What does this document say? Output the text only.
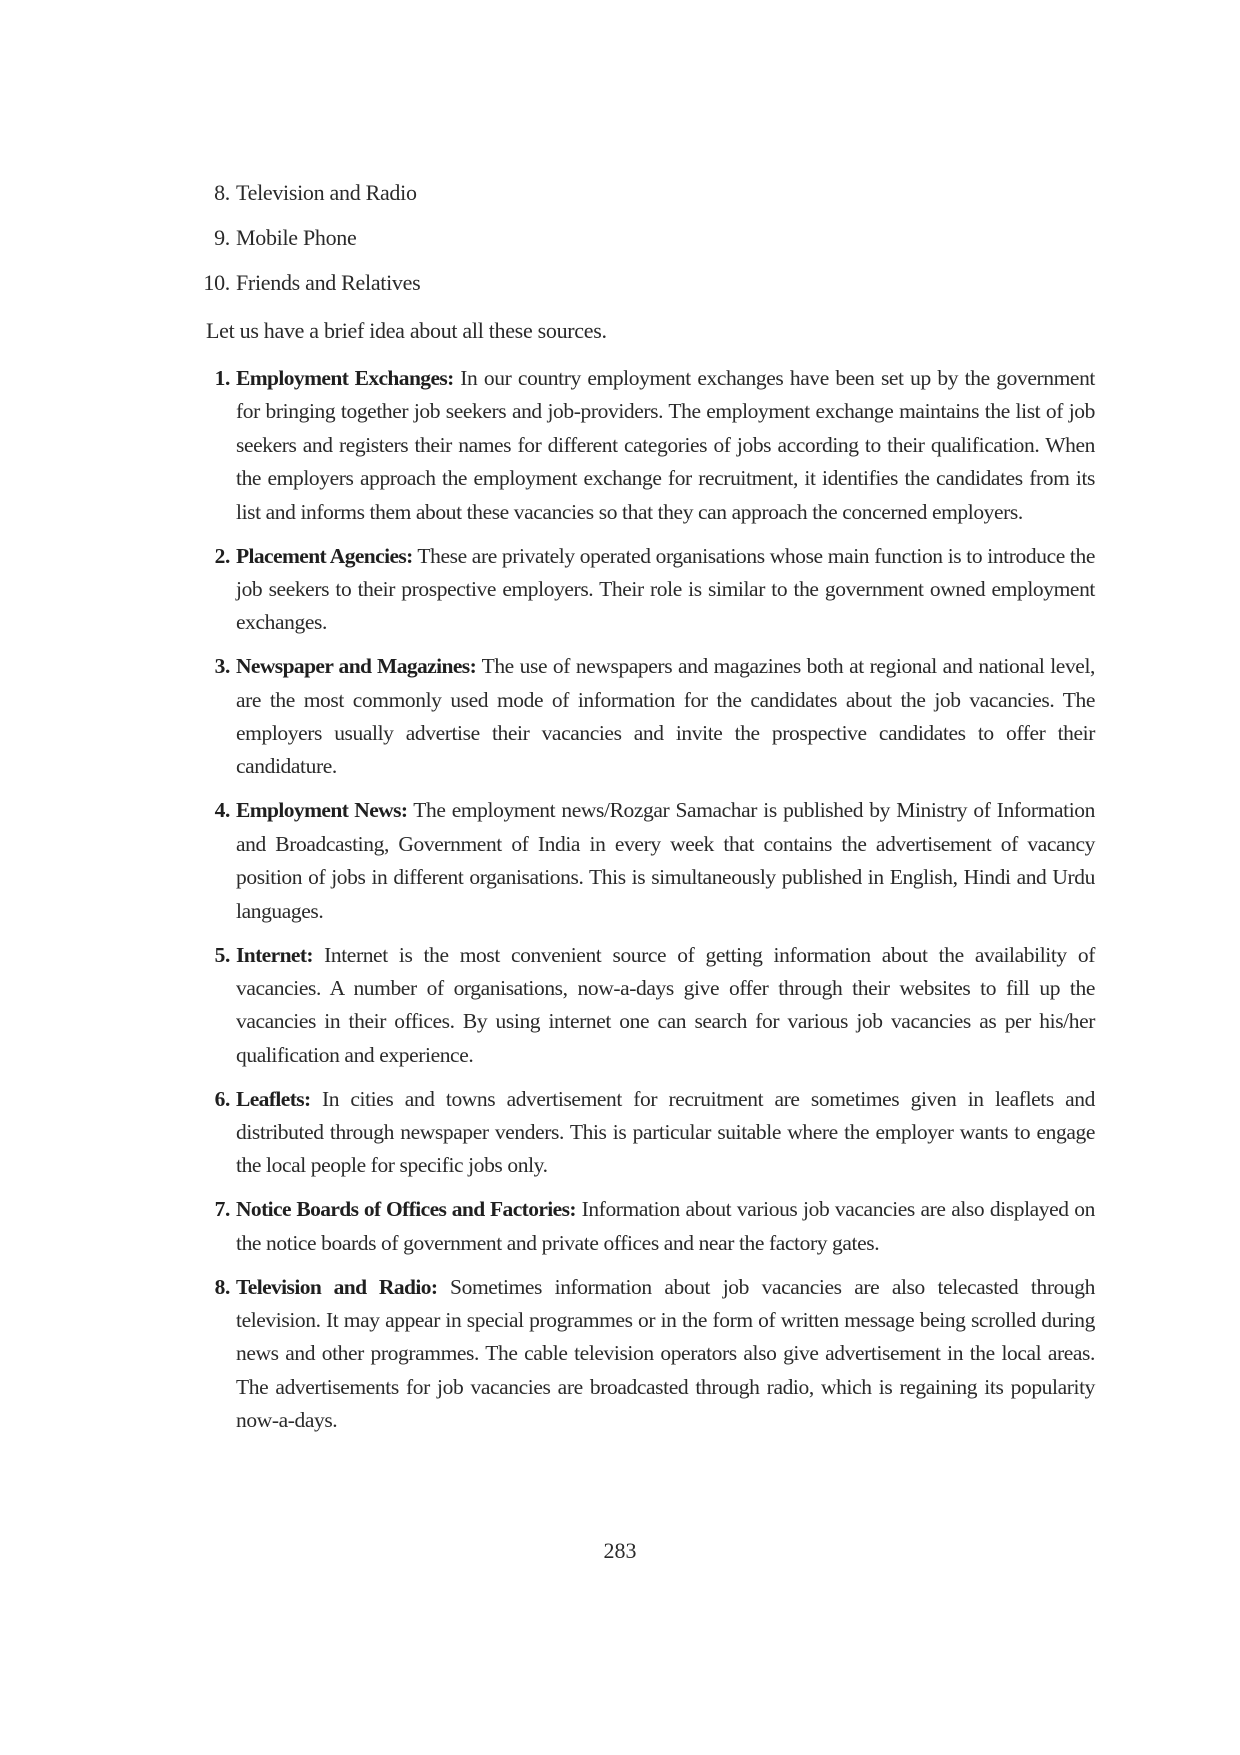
8. Television and Radio
9. Mobile Phone
10. Friends and Relatives

Let us have a brief idea about all these sources.

1. Employment Exchanges: In our country employment exchanges have been set up by the government for bringing together job seekers and job-providers. The employment exchange maintains the list of job seekers and registers their names for different categories of jobs according to their qualification. When the employers approach the employment exchange for recruitment, it identifies the candidates from its list and informs them about these vacancies so that they can approach the concerned employers.
2. Placement Agencies: These are privately operated organisations whose main function is to introduce the job seekers to their prospective employers. Their role is similar to the government owned employment exchanges.
3. Newspaper and Magazines: The use of newspapers and magazines both at regional and national level, are the most commonly used mode of information for the candidates about the job vacancies. The employers usually advertise their vacancies and invite the prospective candidates to offer their candidature.
4. Employment News: The employment news/Rozgar Samachar is published by Ministry of Information and Broadcasting, Government of India in every week that contains the advertisement of vacancy position of jobs in different organisations. This is simultaneously published in English, Hindi and Urdu languages.
5. Internet: Internet is the most convenient source of getting information about the availability of vacancies. A number of organisations, now-a-days give offer through their websites to fill up the vacancies in their offices. By using internet one can search for various job vacancies as per his/her qualification and experience.
6. Leaflets: In cities and towns advertisement for recruitment are sometimes given in leaflets and distributed through newspaper venders. This is particular suitable where the employer wants to engage the local people for specific jobs only.
7. Notice Boards of Offices and Factories: Information about various job vacancies are also displayed on the notice boards of government and private offices and near the factory gates.
8. Television and Radio: Sometimes information about job vacancies are also telecasted through television. It may appear in special programmes or in the form of written message being scrolled during news and other programmes. The cable television operators also give advertisement in the local areas. The advertisements for job vacancies are broadcasted through radio, which is regaining its popularity now-a-days.
283
